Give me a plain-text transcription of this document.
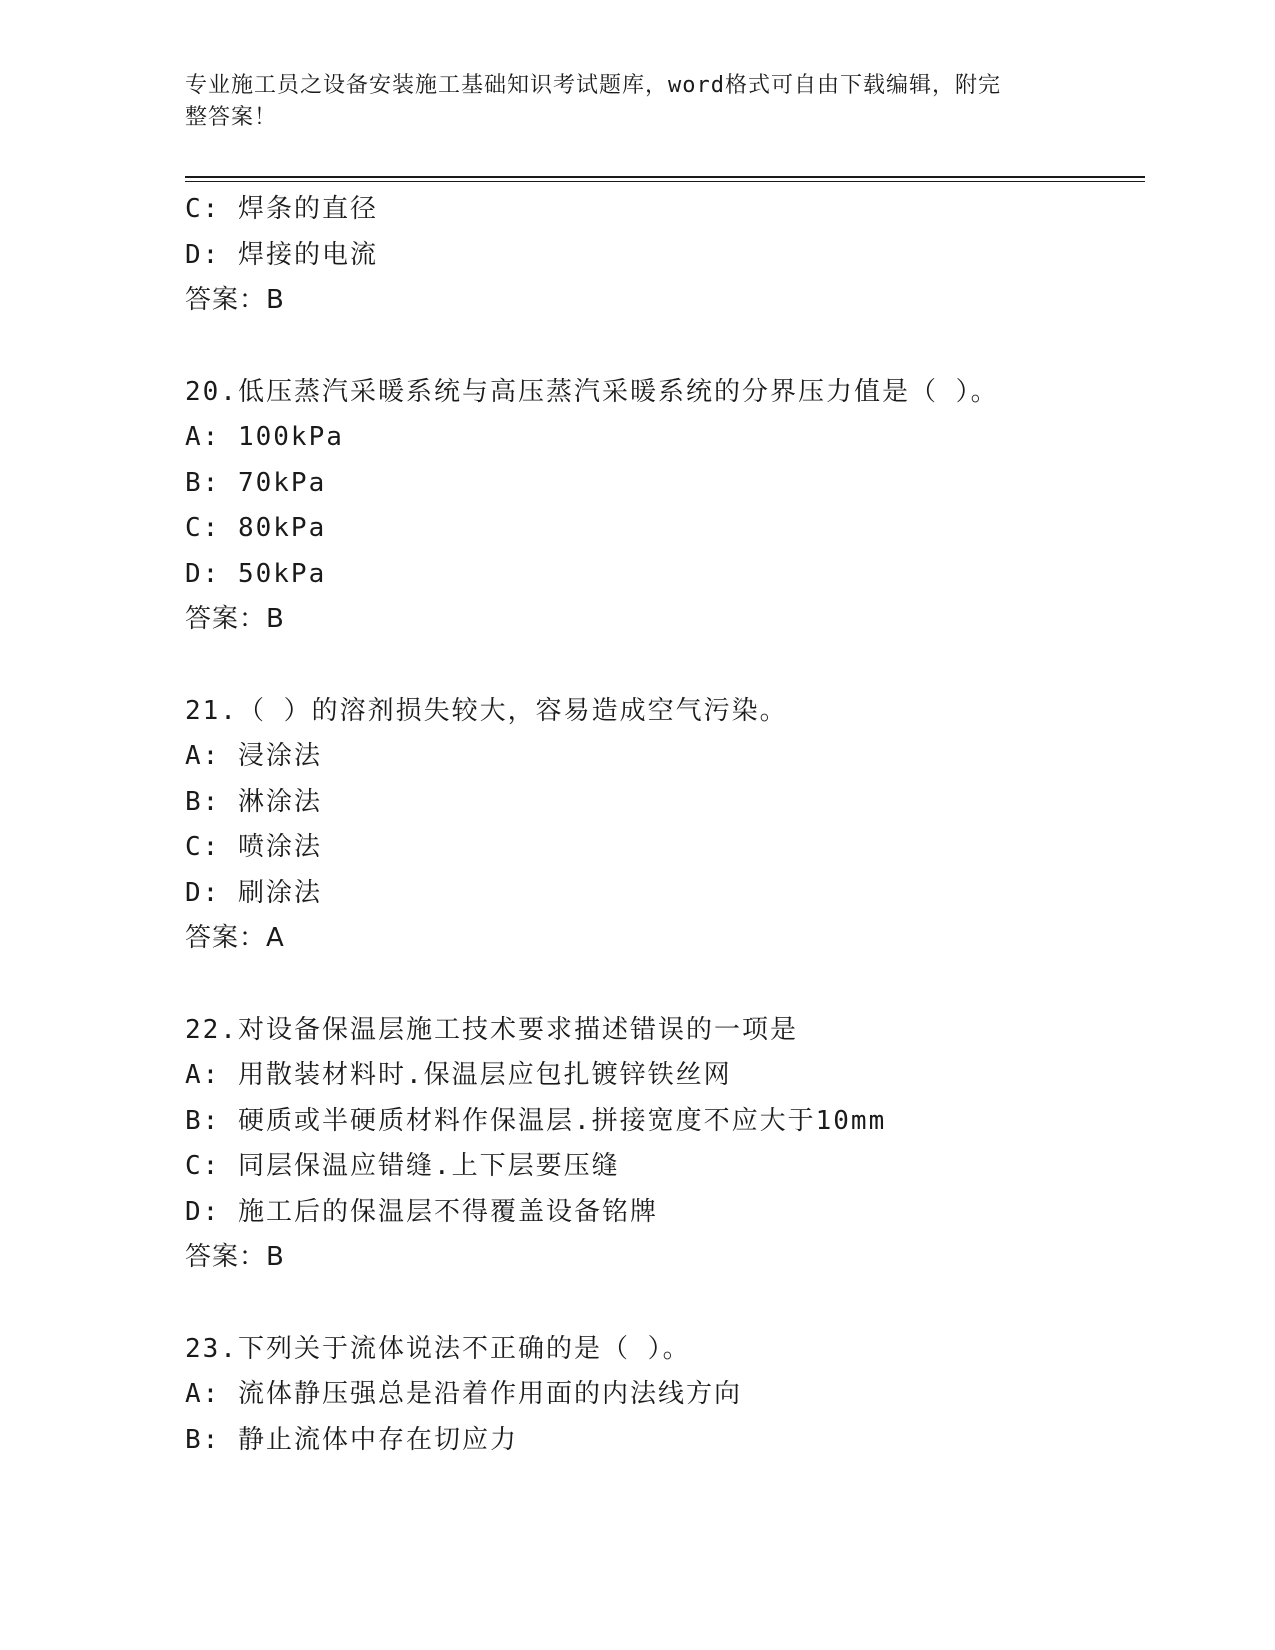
专业施工员之设备安装施工基础知识考试题库，word格式可自由下载编辑，附完
整答案！
C: 焊条的直径
D: 焊接的电流
答案：B
20.低压蒸汽采暖系统与高压蒸汽采暖系统的分界压力值是（ ）。
A: 100kPa
B: 70kPa
C: 80kPa
D: 50kPa
答案：B
21.（ ）的溶剂损失较大，容易造成空气污染。
A: 浸涂法
B: 淋涂法
C: 喷涂法
D: 刷涂法
答案：A
22.对设备保温层施工技术要求描述错误的一项是
A: 用散装材料时.保温层应包扎镀锌铁丝网
B: 硬质或半硬质材料作保温层.拼接宽度不应大于10mm
C: 同层保温应错缝.上下层要压缝
D: 施工后的保温层不得覆盖设备铭牌
答案：B
23.下列关于流体说法不正确的是（ ）。
A: 流体静压强总是沿着作用面的内法线方向
B: 静止流体中存在切应力
